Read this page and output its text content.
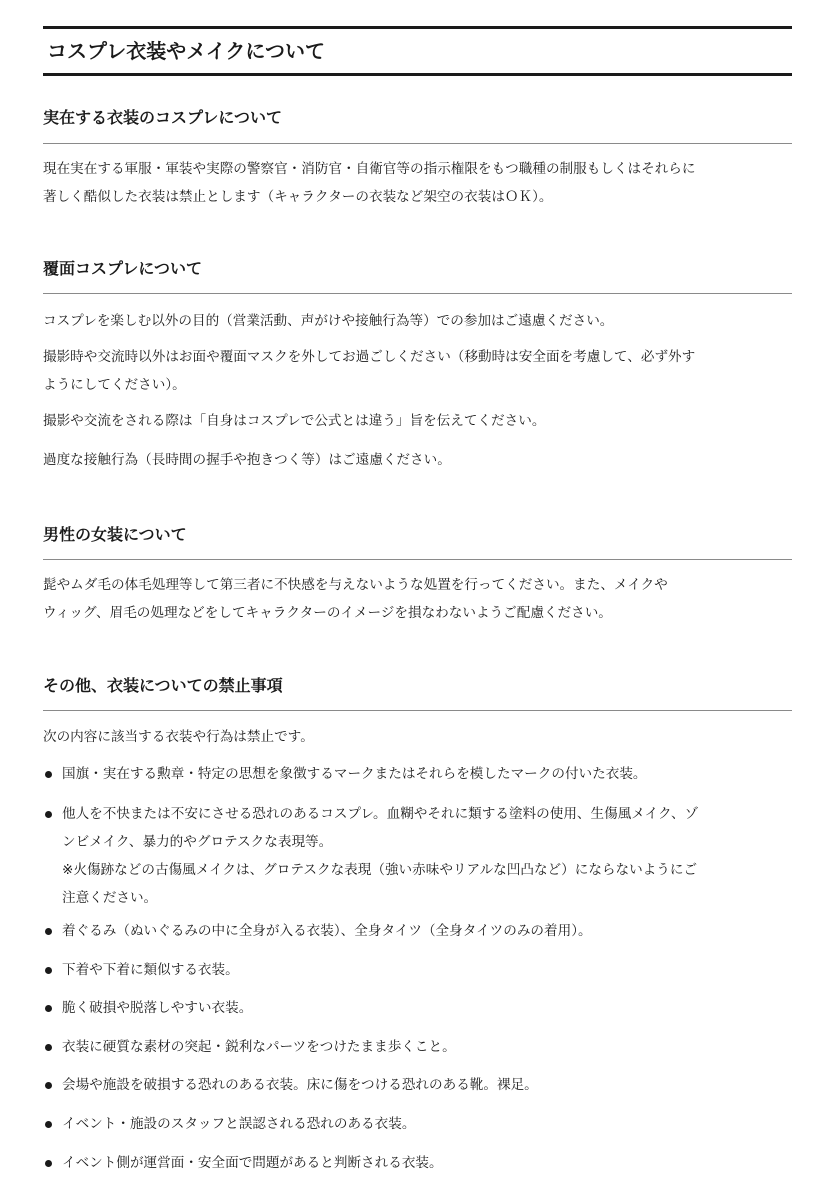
コスプレ衣装やメイクについて
実在する衣装のコスプレについて

現在実在する軍服・軍装や実際の警察官・消防官・自衛官等の指示権限をもつ職種の制服もしくはそれらに
著しく酷似した衣装は禁止とします（キャラクターの衣装など架空の衣装はＯＫ）。

覆面コスプレについて

コスプレを楽しむ以外の目的（営業活動、声がけや接触行為等）での参加はご遠慮ください。

撮影時や交流時以外はお面や覆面マスクを外してお過ごしください（移動時は安全面を考慮して、必ず外す
ようにしてください）。

撮影や交流をされる際は「自身はコスプレで公式とは違う」旨を伝えてください。

過度な接触行為（長時間の握手や抱きつく等）はご遠慮ください。

男性の女装について

髭やムダ毛の体毛処理等して第三者に不快感を与えないような処置を行ってください。また、メイクや
ウィッグ、眉毛の処理などをしてキャラクターのイメージを損なわないようご配慮ください。

その他、衣装についての禁止事項

次の内容に該当する衣装や行為は禁止です。

国旗・実在する勲章・特定の思想を象徴するマークまたはそれらを模したマークの付いた衣装。
他人を不快または不安にさせる恐れのあるコスプレ。血糊やそれに類する塗料の使用、生傷風メイク、ゾ
ンビメイク、暴力的やグロテスクな表現等。
※火傷跡などの古傷風メイクは、グロテスクな表現（強い赤味やリアルな凹凸など）にならないようにご
注意ください。
着ぐるみ（ぬいぐるみの中に全身が入る衣装）、全身タイツ（全身タイツのみの着用）。
下着や下着に類似する衣装。
脆く破損や脱落しやすい衣装。
衣装に硬質な素材の突起・鋭利なパーツをつけたまま歩くこと。
会場や施設を破損する恐れのある衣装。床に傷をつける恐れのある靴。裸足。
イベント・施設のスタッフと誤認される恐れのある衣装。
イベント側が運営面・安全面で問題があると判断される衣装。
